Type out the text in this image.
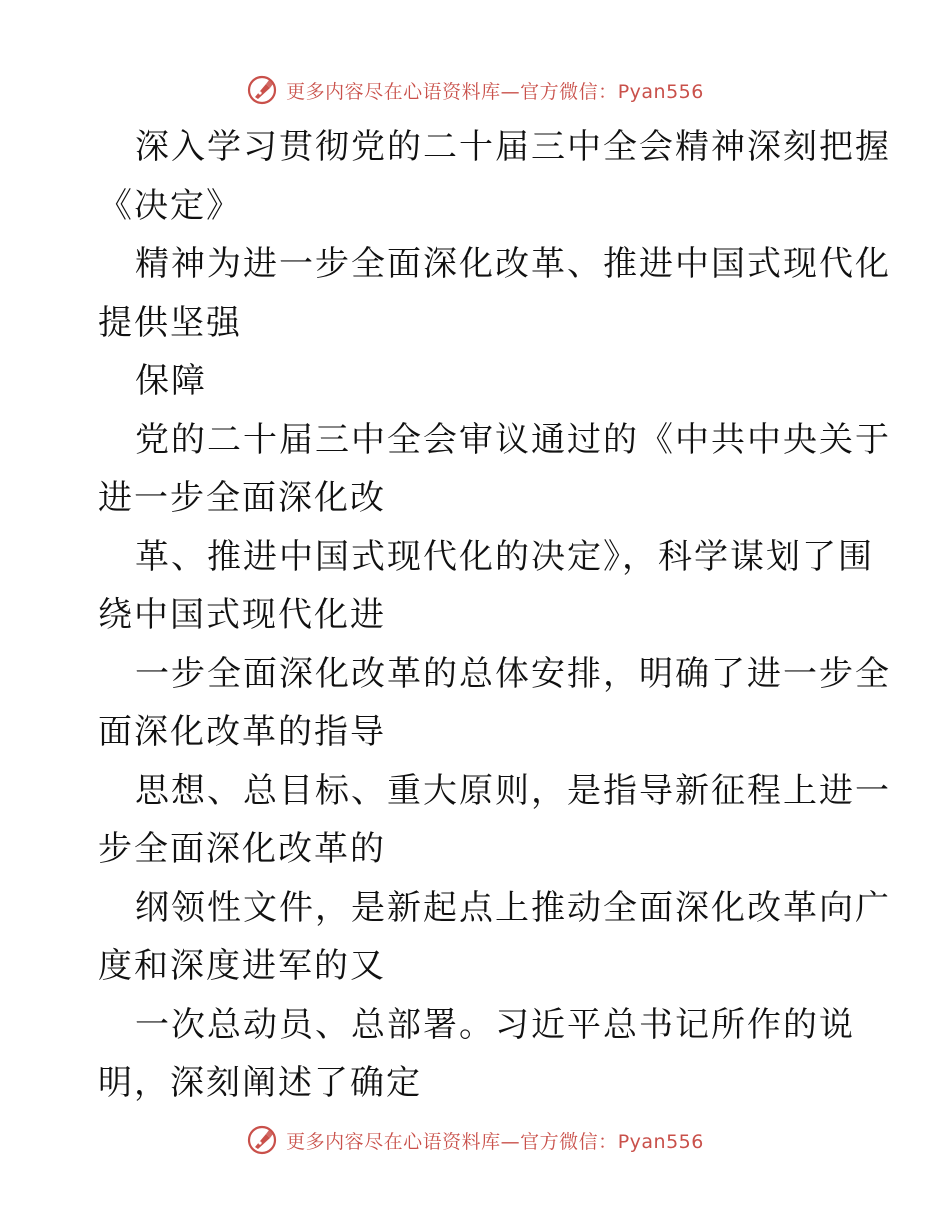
更多内容尽在心语资料库—官方微信：Pyan556
深入学习贯彻党的二十届三中全会精神深刻把握
《决定》
精神为进一步全面深化改革、推进中国式现代化
提供坚强
保障
党的二十届三中全会审议通过的《中共中央关于
进一步全面深化改
革、推进中国式现代化的决定》，科学谋划了围
绕中国式现代化进
一步全面深化改革的总体安排，明确了进一步全
面深化改革的指导
思想、总目标、重大原则，是指导新征程上进一
步全面深化改革的
纲领性文件，是新起点上推动全面深化改革向广
度和深度进军的又
一次总动员、总部署。习近平总书记所作的说
明，深刻阐述了确定
更多内容尽在心语资料库—官方微信：Pyan556
